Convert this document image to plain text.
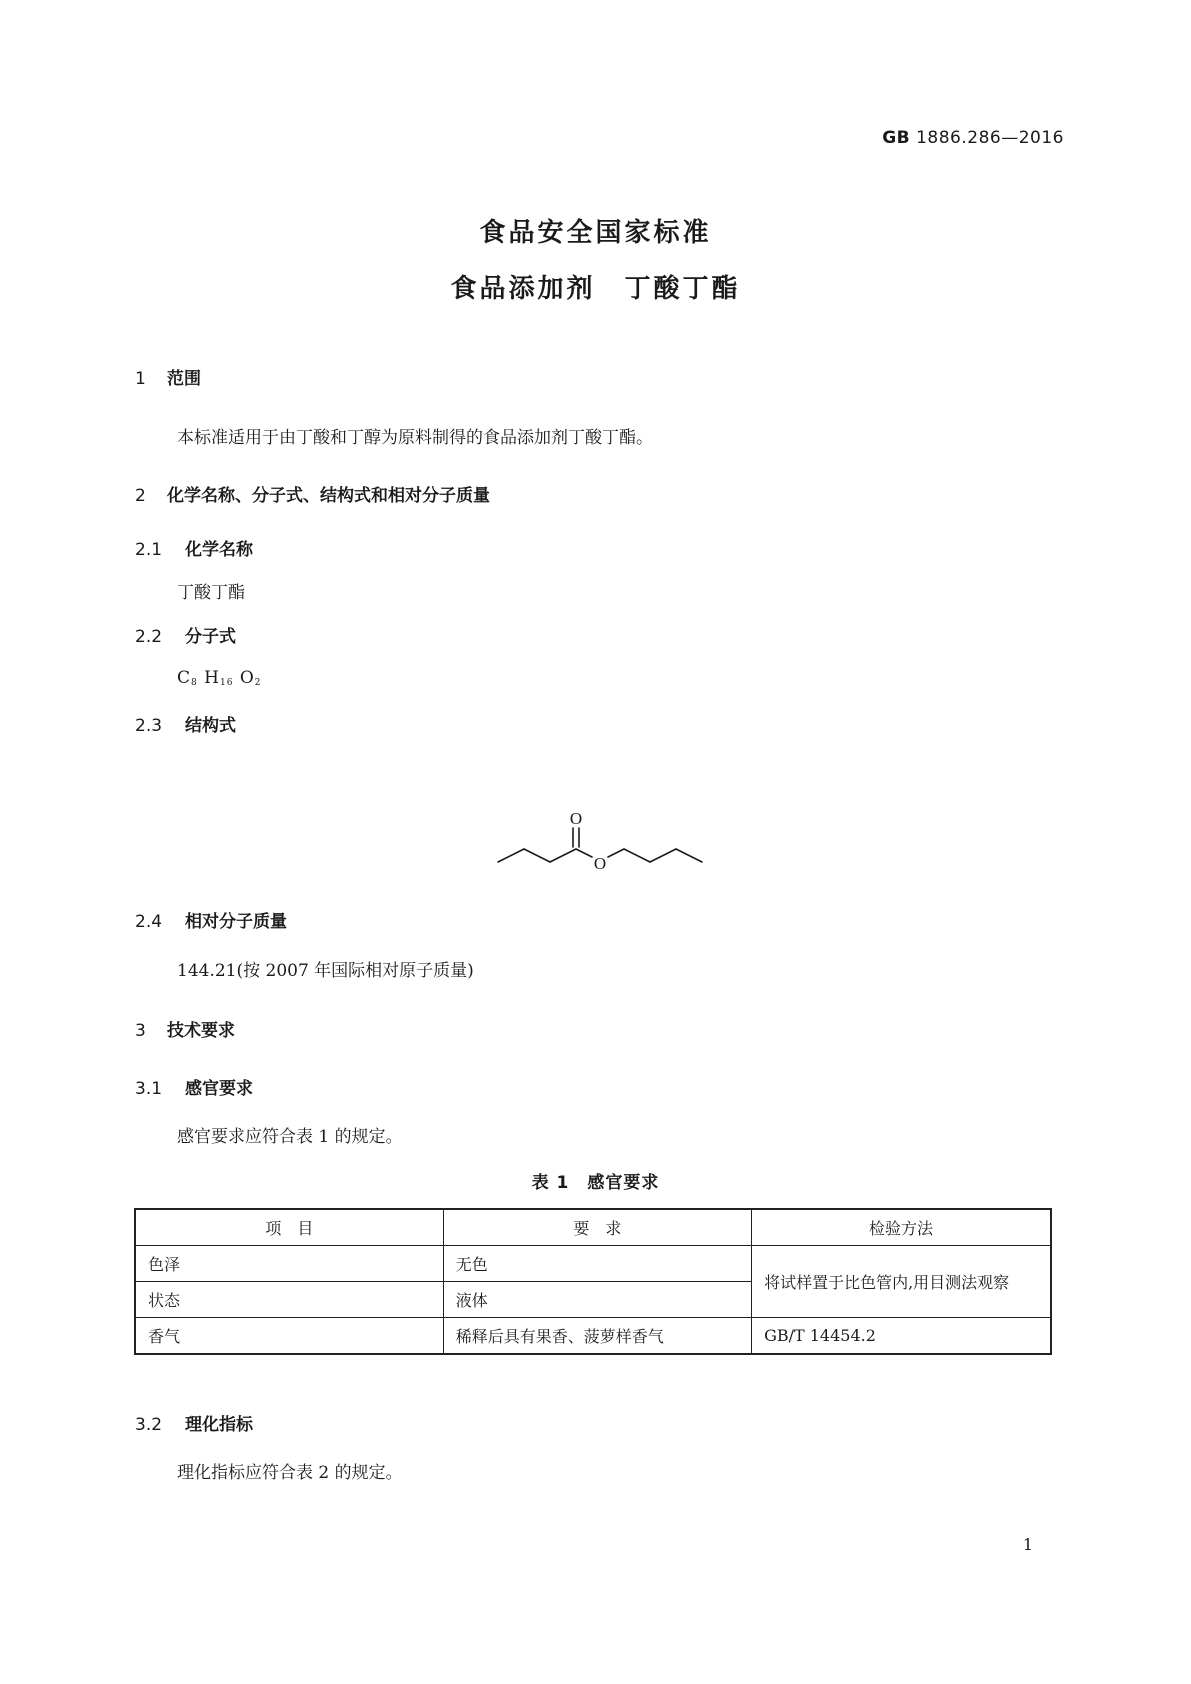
GB 1886.286—2016
食品安全国家标准
食品添加剂　丁酸丁酯
1 范围
本标准适用于由丁酸和丁醇为原料制得的食品添加剂丁酸丁酯。
2 化学名称、分子式、结构式和相对分子质量
2.1 化学名称
丁酸丁酯
2.2 分子式
$C_8$ $H_{16}$ $O_2$
2.3 结构式
O
O
2.4 相对分子质量
144.21(按 2007 年国际相对原子质量)
3 技术要求
3.1 感官要求
感官要求应符合表 1 的规定。
表 1　感官要求
项　目	要　求	检验方法
色泽	无色	将试样置于比色管内,用目测法观察
状态	液体	
香气	稀释后具有果香、菠萝样香气	GB/T 14454.2
3.2 理化指标
理化指标应符合表 2 的规定。
1
